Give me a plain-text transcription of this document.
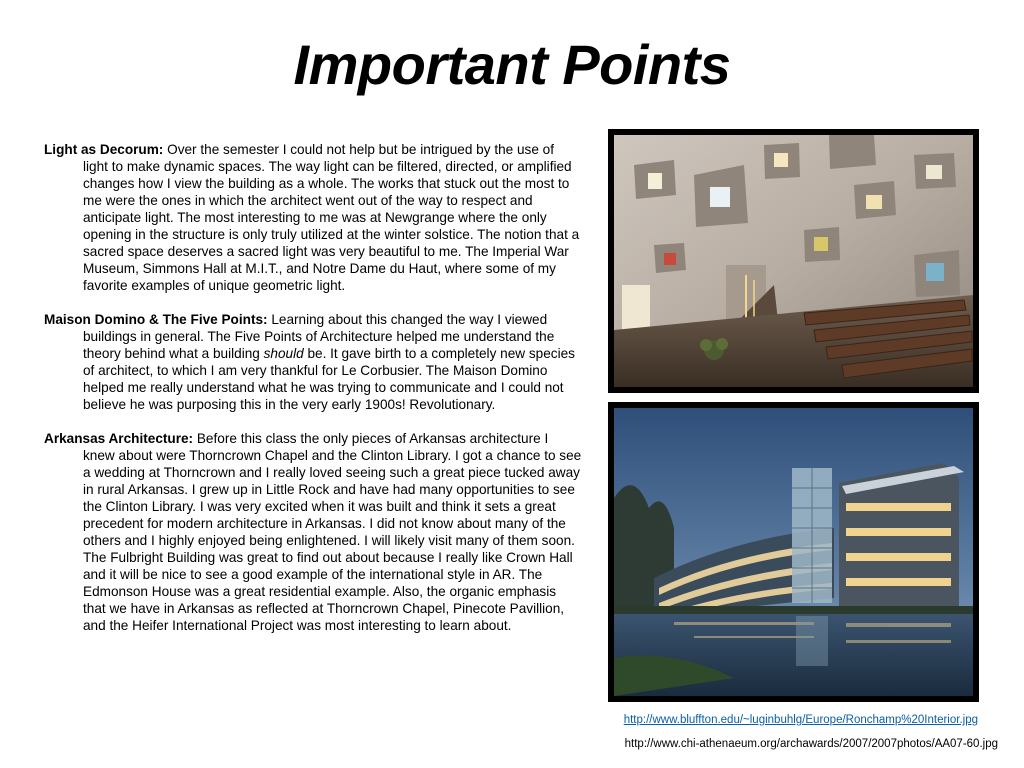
Important Points

Light as Decorum: Over the semester I could not help but be intrigued by the use of light to make dynamic spaces. The way light can be filtered, directed, or amplified changes how I view the building as a whole. The works that stuck out the most to me were the ones in which the architect went out of the way to respect and anticipate light. The most interesting to me was at Newgrange where the only opening in the structure is only truly utilized at the winter solstice. The notion that a sacred space deserves a sacred light was very beautiful to me. The Imperial War Museum, Simmons Hall at M.I.T., and Notre Dame du Haut, where some of my favorite examples of unique geometric light.

Maison Domino & The Five Points: Learning about this changed the way I viewed buildings in general. The Five Points of Architecture helped me understand the theory behind what a building should be. It gave birth to a completely new species of architect, to which I am very thankful for Le Corbusier. The Maison Domino helped me really understand what he was trying to communicate and I could not believe he was purposing this in the very early 1900s! Revolutionary.

Arkansas Architecture: Before this class the only pieces of Arkansas architecture I knew about were Thorncrown Chapel and the Clinton Library. I got a chance to see a wedding at Thorncrown and I really loved seeing such a great piece tucked away in rural Arkansas. I grew up in Little Rock and have had many opportunities to see the Clinton Library. I was very excited when it was built and think it sets a great precedent for modern architecture in Arkansas. I did not know about many of the others and I highly enjoyed being enlightened. I will likely visit many of them soon. The Fulbright Building was great to find out about because I really like Crown Hall and it will be nice to see a good example of the international style in AR. The Edmonson House was a great residential example. Also, the organic emphasis that we have in Arkansas as reflected at Thorncrown Chapel, Pinecote Pavillion, and the Heifer International Project was most interesting to learn about.

http://www.bluffton.edu/~luginbuhlg/Europe/Ronchamp%20Interior.jpg
http://www.chi-athenaeum.org/archawards/2007/2007photos/AA07-60.jpg
